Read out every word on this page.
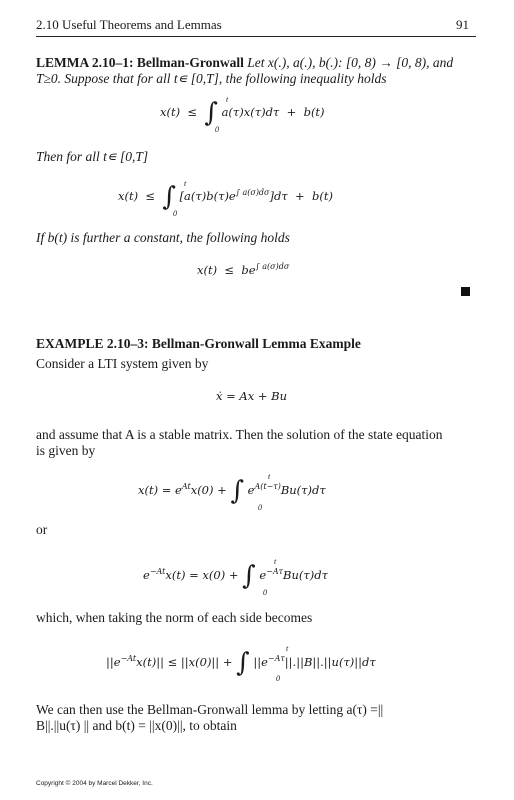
2.10 Useful Theorems and Lemmas	91
LEMMA 2.10–1: Bellman-Gronwall Let x(.), a(.), b(.): [0, 8) → [0, 8), and
T≥0. Suppose that for all t∊ [0,T], the following inequality holds
x(t) ≤ ∫ a(τ)x(τ)dτ + b(t)
t
0
Then for all t∊ [0,T]
x(t) ≤ ∫ $[a(\tau)b(\tau)e^{\int a(\sigma)d\sigma}]d\tau + b(t)$
t
0
If b(t) is further a constant, the following holds
$x(t) \le be^{\int a(\sigma)d\sigma}$
EXAMPLE 2.10–3: Bellman-Gronwall Lemma Example
Consider a LTI system given by
ẋ = Ax + Bu
and assume that A is a stable matrix. Then the solution of the state equation
is given by
$x(t) = e^{At}x(0)$ + ∫ $e^{A(t-\tau)}Bu(\tau)d\tau$
t
0
or
$e^{-At}x(t) = x(0)$ + ∫ $e^{-A\tau}Bu(\tau)d\tau$
t
0
which, when taking the norm of each side becomes
$||e^{-At}x(t)|| \le ||x(0)||$ + ∫ $||e^{-A\tau}||.||B||.||u(\tau)||d\tau$
t
0
We can then use the Bellman-Gronwall lemma by letting a(τ) =||
B||.||u(τ) || and b(t) = ||x(0)||, to obtain
Copyright © 2004 by Marcel Dekker, Inc.
